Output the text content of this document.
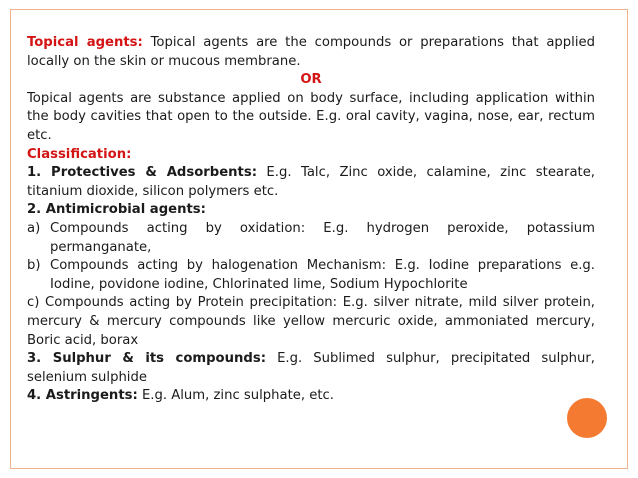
Topical agents: Topical agents are the compounds or preparations that applied locally on the skin or mucous membrane.

OR

Topical agents are substance applied on body surface, including application within the body cavities that open to the outside. E.g. oral cavity, vagina, nose, ear, rectum etc.

Classification:

1. Protectives & Adsorbents: E.g. Talc, Zinc oxide, calamine, zinc stearate, titanium dioxide, silicon polymers etc.

2. Antimicrobial agents:

a) Compounds acting by oxidation: E.g. hydrogen peroxide, potassium permanganate,

b) Compounds acting by halogenation Mechanism: E.g. Iodine preparations e.g. Iodine, povidone iodine, Chlorinated lime, Sodium Hypochlorite

c) Compounds acting by Protein precipitation: E.g. silver nitrate, mild silver protein, mercury & mercury compounds like yellow mercuric oxide, ammoniated mercury, Boric acid, borax

3. Sulphur & its compounds: E.g. Sublimed sulphur, precipitated sulphur, selenium sulphide

4. Astringents: E.g. Alum, zinc sulphate, etc.
